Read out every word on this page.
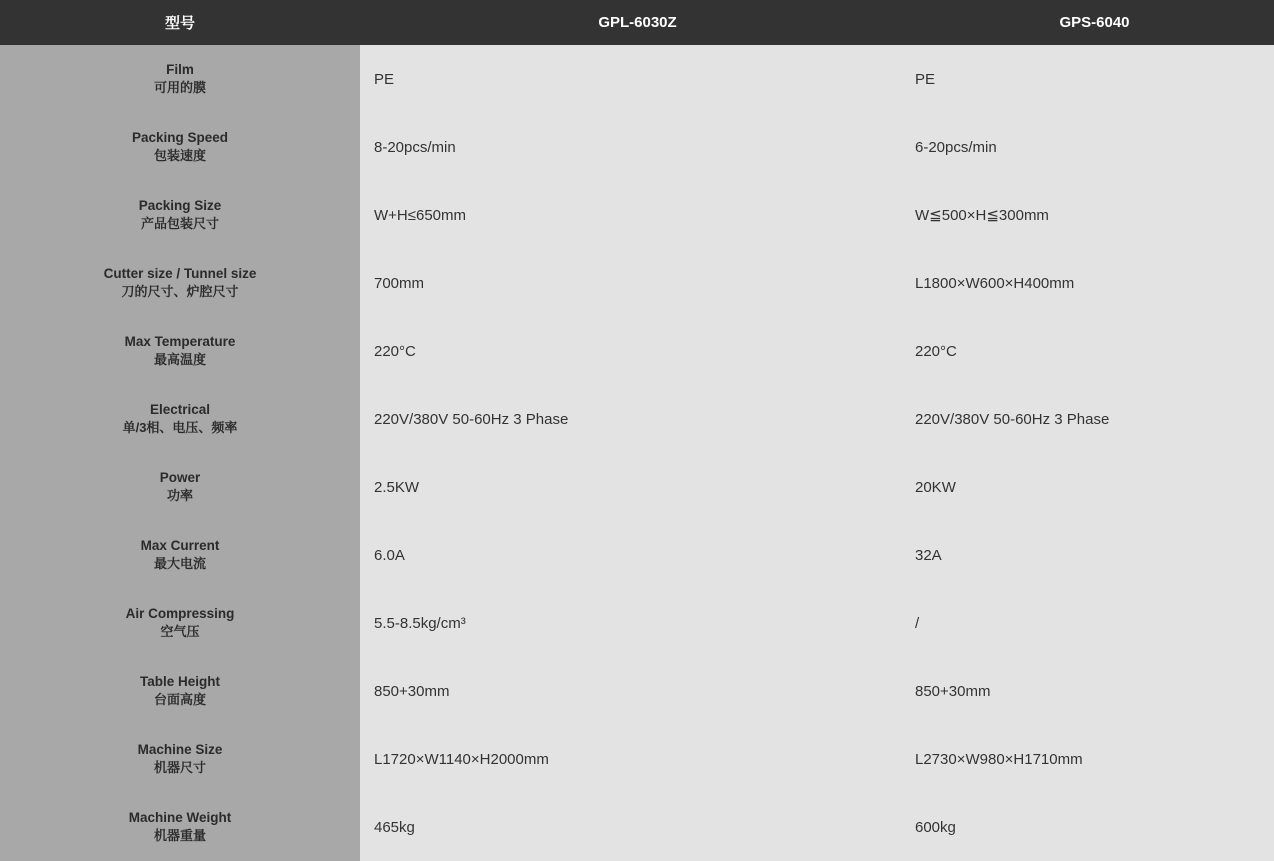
型号	GPL-6030Z	GPS-6040

Film
可用的膜	PE	PE

Packing Speed
包装速度	8-20pcs/min	6-20pcs/min

Packing Size
产品包装尺寸	W+H≤650mm	W≦500×H≦300mm

Cutter size / Tunnel size
刀的尺寸、炉腔尺寸	700mm	L1800×W600×H400mm

Max Temperature
最高温度	220°C	220°C

Electrical
单/3相、电压、频率	220V/380V 50-60Hz 3 Phase	220V/380V 50-60Hz 3 Phase

Power
功率	2.5KW	20KW

Max Current
最大电流	6.0A	32A

Air Compressing
空气压	5.5-8.5kg/cm³	/

Table Height
台面高度	850+30mm	850+30mm

Machine Size
机器尺寸	L1720×W1140×H2000mm	L2730×W980×H1710mm

Machine Weight
机器重量	465kg	600kg
